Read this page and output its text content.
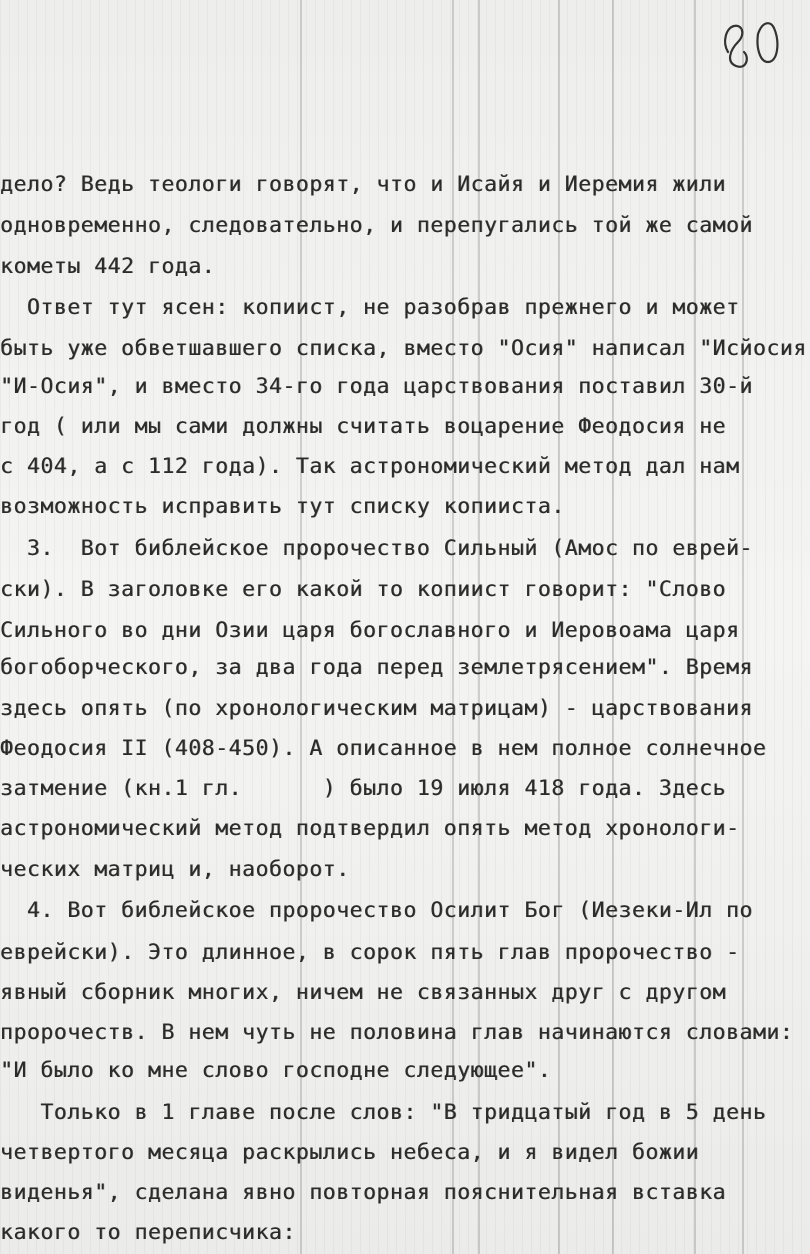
дело? Ведь теологи говорят, что и Исайя и Иеремия жили
одновременно, следовательно, и перепугались той же самой
кометы 442 года.
Ответ тут ясен: копиист, не разобрав прежнего и может
быть уже обветшавшего списка, вместо "Осия" написал "Исйосия
"И-Осия", и вместо 34-го года царствования поставил 30-й
год ( или мы сами должны считать воцарение Феодосия не
с 404, а с 112 года). Так астрономический метод дал нам
возможность исправить тут списку копииста.
3.  Вот библейское пророчество Сильный (Амос по еврей-
ски). В заголовке его какой то копиист говорит: "Слово
Сильного во дни Озии царя богославного и Иеровоама царя
богоборческого, за два года перед землетрясением". Время
здесь опять (по хронологическим матрицам) - царствования
Феодосия II (408-450). А описанное в нем полное солнечное
затмение (кн.1 гл.      ) было 19 июля 418 года. Здесь
астрономический метод подтвердил опять метод хронологи-
ческих матриц и, наоборот.
4. Вот библейское пророчество Осилит Бог (Иезеки-Ил по
еврейски). Это длинное, в сорок пять глав пророчество -
явный сборник многих, ничем не связанных друг с другом
пророчеств. В нем чуть не половина глав начинаются словами:
"И было ко мне слово господне следующее".
Только в 1 главе после слов: "В тридцатый год в 5 день
четвертого месяца раскрылись небеса, и я видел божии
виденья", сделана явно повторная пояснительная вставка
какого то переписчика:
